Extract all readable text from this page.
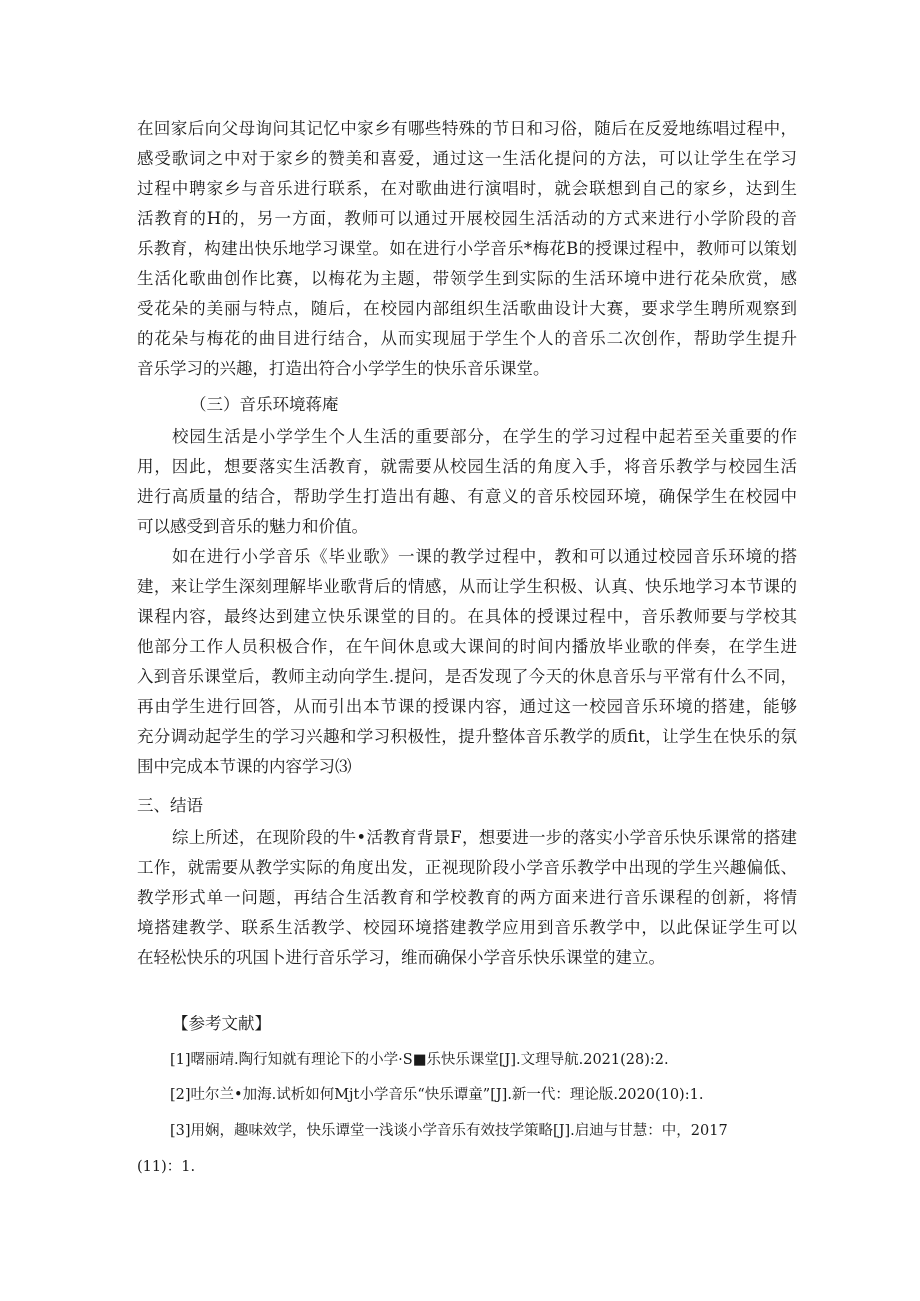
在回家后向父母询问其记忆中家乡有哪些特殊的节日和习俗，随后在反爱地练唱过程中，
感受歌词之中对于家乡的赞美和喜爱，通过这一生活化提问的方法，可以让学生在学习
过程中聘家乡与音乐进行联系，在对歌曲进行演唱时，就会联想到自己的家乡，达到生
活教育的H的，另一方面，教师可以通过开展校园生活活动的方式来进行小学阶段的音
乐教育，构建出快乐地学习课堂。如在进行小学音乐*梅花B的授课过程中，教师可以策划
生活化歌曲创作比赛，以梅花为主题，带领学生到实际的生活环境中进行花朵欣赏，感
受花朵的美丽与特点，随后，在校园内部组织生活歌曲设计大赛，要求学生聘所观察到
的花朵与梅花的曲目进行结合，从而实现屈于学生个人的音乐二次创作，帮助学生提升
音乐学习的兴趣，打造出符合小学学生的快乐音乐课堂。
（三）音乐环境蒋庵
校园生活是小学学生个人生活的重要部分，在学生的学习过程中起若至关重要的作
用，因此，想要落实生活教育，就需要从校园生活的角度入手，将音乐教学与校园生活
进行高质量的结合，帮助学生打造出有趣、有意义的音乐校园环境，确保学生在校园中
可以感受到音乐的魅力和价值。
如在进行小学音乐《毕业歌》一课的教学过程中，教和可以通过校园音乐环境的搭
建，来让学生深刻理解毕业歌背后的情感，从而让学生积极、认真、快乐地学习本节课的
课程内容，最终达到建立快乐课堂的目的。在具体的授课过程中，音乐教师要与学校其
他部分工作人员积极合作，在午间休息或大课间的时间内播放毕业歌的伴奏，在学生进
入到音乐课堂后，教师主动向学生.提问，是否发现了今天的休息音乐与平常有什么不同，
再由学生进行回答，从而引出本节课的授课内容，通过这一校园音乐环境的搭建，能够
充分调动起学生的学习兴趣和学习积极性，提升整体音乐教学的质fit，让学生在快乐的氛
围中完成本节课的内容学习⑶
三、结语
综上所述，在现阶段的牛•活教育背景F，想要进一步的落实小学音乐快乐课常的搭建
工作，就需要从教学实际的角度出发，正视现阶段小学音乐教学中出现的学生兴趣偏低、
教学形式单一问题，再结合生活教育和学校教育的两方面来进行音乐课程的创新，将情
境搭建教学、联系生活教学、校园环境搭建教学应用到音乐教学中，以此保证学生可以
在轻松快乐的巩国卜进行音乐学习，维而确保小学音乐快乐课堂的建立。
【参考文献】
[1]曙丽靖.陶行知就有理论下的小学·S■乐快乐课堂[J].文理导航.2021(28):2.
[2]吐尔兰•加海.试析如何Mjt小学音乐“快乐谭童”[J].新一代：理论版.2020(10):1.
[3]用娴，趣味效学，快乐谭堂一浅谈小学音乐有效技学策略[J].启迪与甘慧：中，2017
(11)：1.
